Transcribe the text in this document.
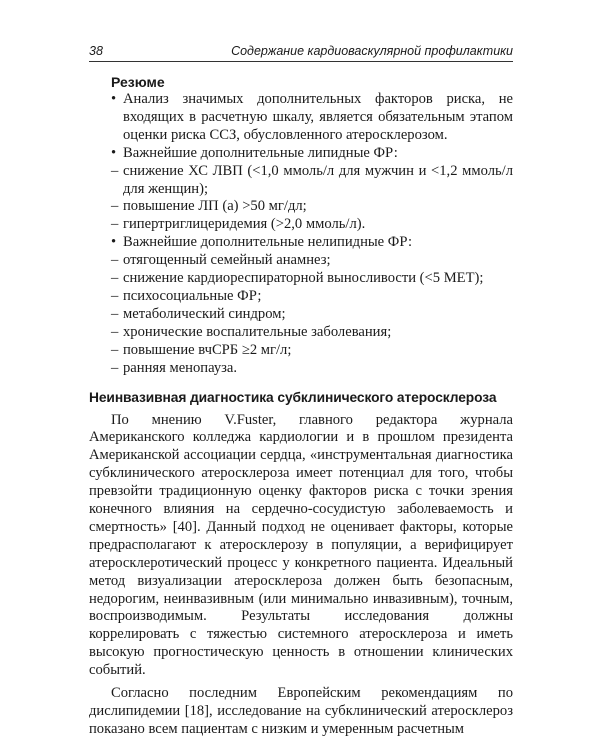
38	Содержание кардиоваскулярной профилактики
Резюме
• Анализ значимых дополнительных факторов риска, не входящих в расчетную шкалу, является обязательным этапом оценки риска ССЗ, обусловленного атеросклерозом.
• Важнейшие дополнительные липидные ФР:
– снижение ХС ЛВП (<1,0 ммоль/л для мужчин и <1,2 ммоль/л для женщин);
– повышение ЛП (а) >50 мг/дл;
– гипертриглицеридемия (>2,0 ммоль/л).
• Важнейшие дополнительные нелипидные ФР:
– отягощенный семейный анамнез;
– снижение кардиореспираторной выносливости (<5 МЕТ);
– психосоциальные ФР;
– метаболический синдром;
– хронические воспалительные заболевания;
– повышение вчСРБ ≥2 мг/л;
– ранняя менопауза.
Неинвазивная диагностика субклинического атеросклероза

По мнению V.Fuster, главного редактора журнала Американского колледжа кардиологии и в прошлом президента Американской ассоциации сердца, «инструментальная диагностика субклинического атеросклероза имеет потенциал для того, чтобы превзойти традиционную оценку факторов риска с точки зрения конечного влияния на сердечно-сосудистую заболеваемость и смертность» [40]. Данный подход не оценивает факторы, которые предрасполагают к атеросклерозу в популяции, а верифицирует атеросклеротический процесс у конкретного пациента. Идеальный метод визуализации атеросклероза должен быть безопасным, недорогим, неинвазивным (или минимально инвазивным), точным, воспроизводимым. Результаты исследования должны коррелировать с тяжестью системного атеросклероза и иметь высокую прогностическую ценность в отношении клинических событий.

Согласно последним Европейским рекомендациям по дислипидемии [18], исследование на субклинический атеросклероз показано всем пациентам с низким и умеренным расчетным
